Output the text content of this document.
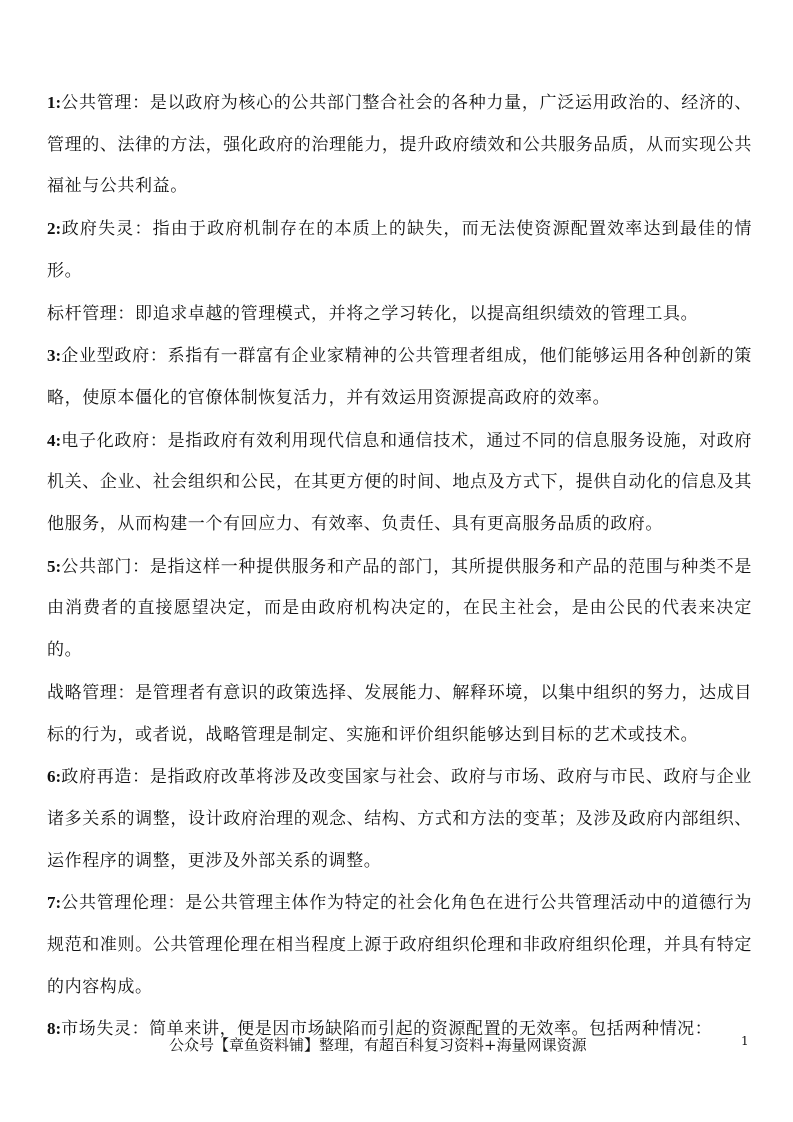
1:公共管理：是以政府为核心的公共部门整合社会的各种力量，广泛运用政治的、经济的、管理的、法律的方法，强化政府的治理能力，提升政府绩效和公共服务品质，从而实现公共福祉与公共利益。

2:政府失灵：指由于政府机制存在的本质上的缺失，而无法使资源配置效率达到最佳的情形。

标杆管理：即追求卓越的管理模式，并将之学习转化，以提高组织绩效的管理工具。

3:企业型政府：系指有一群富有企业家精神的公共管理者组成，他们能够运用各种创新的策略，使原本僵化的官僚体制恢复活力，并有效运用资源提高政府的效率。

4:电子化政府：是指政府有效利用现代信息和通信技术，通过不同的信息服务设施，对政府机关、企业、社会组织和公民，在其更方便的时间、地点及方式下，提供自动化的信息及其他服务，从而构建一个有回应力、有效率、负责任、具有更高服务品质的政府。

5:公共部门：是指这样一种提供服务和产品的部门，其所提供服务和产品的范围与种类不是由消费者的直接愿望决定，而是由政府机构决定的，在民主社会，是由公民的代表来决定的。

战略管理：是管理者有意识的政策选择、发展能力、解释环境，以集中组织的努力，达成目标的行为，或者说，战略管理是制定、实施和评价组织能够达到目标的艺术或技术。

6:政府再造：是指政府改革将涉及改变国家与社会、政府与市场、政府与市民、政府与企业诸多关系的调整，设计政府治理的观念、结构、方式和方法的变革；及涉及政府内部组织、运作程序的调整，更涉及外部关系的调整。

7:公共管理伦理：是公共管理主体作为特定的社会化角色在进行公共管理活动中的道德行为规范和准则。公共管理伦理在相当程度上源于政府组织伦理和非政府组织伦理，并具有特定的内容构成。

8:市场失灵：简单来讲，便是因市场缺陷而引起的资源配置的无效率。包括两种情况：

公众号【章鱼资料铺】整理，有超百科复习资料+海量网课资源	1
